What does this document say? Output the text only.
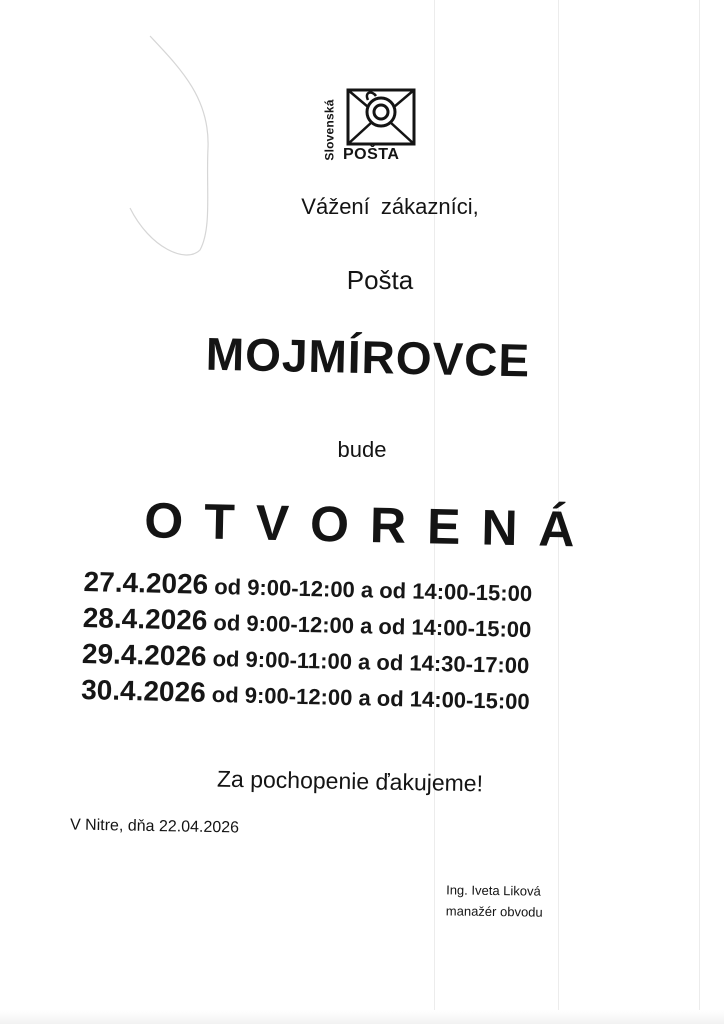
Slovenská POŠTA
Vážení zákazníci,
Pošta
MOJMÍROVCE
bude
OTVORENÁ
27.4.2026 od 9:00-12:00 a od 14:00-15:00
28.4.2026 od 9:00-12:00 a od 14:00-15:00
29.4.2026 od 9:00-11:00 a od 14:30-17:00
30.4.2026 od 9:00-12:00 a od 14:00-15:00
Za pochopenie ďakujeme!
V Nitre, dňa 22.04.2026
Ing. Iveta Liková
manažér obvodu
